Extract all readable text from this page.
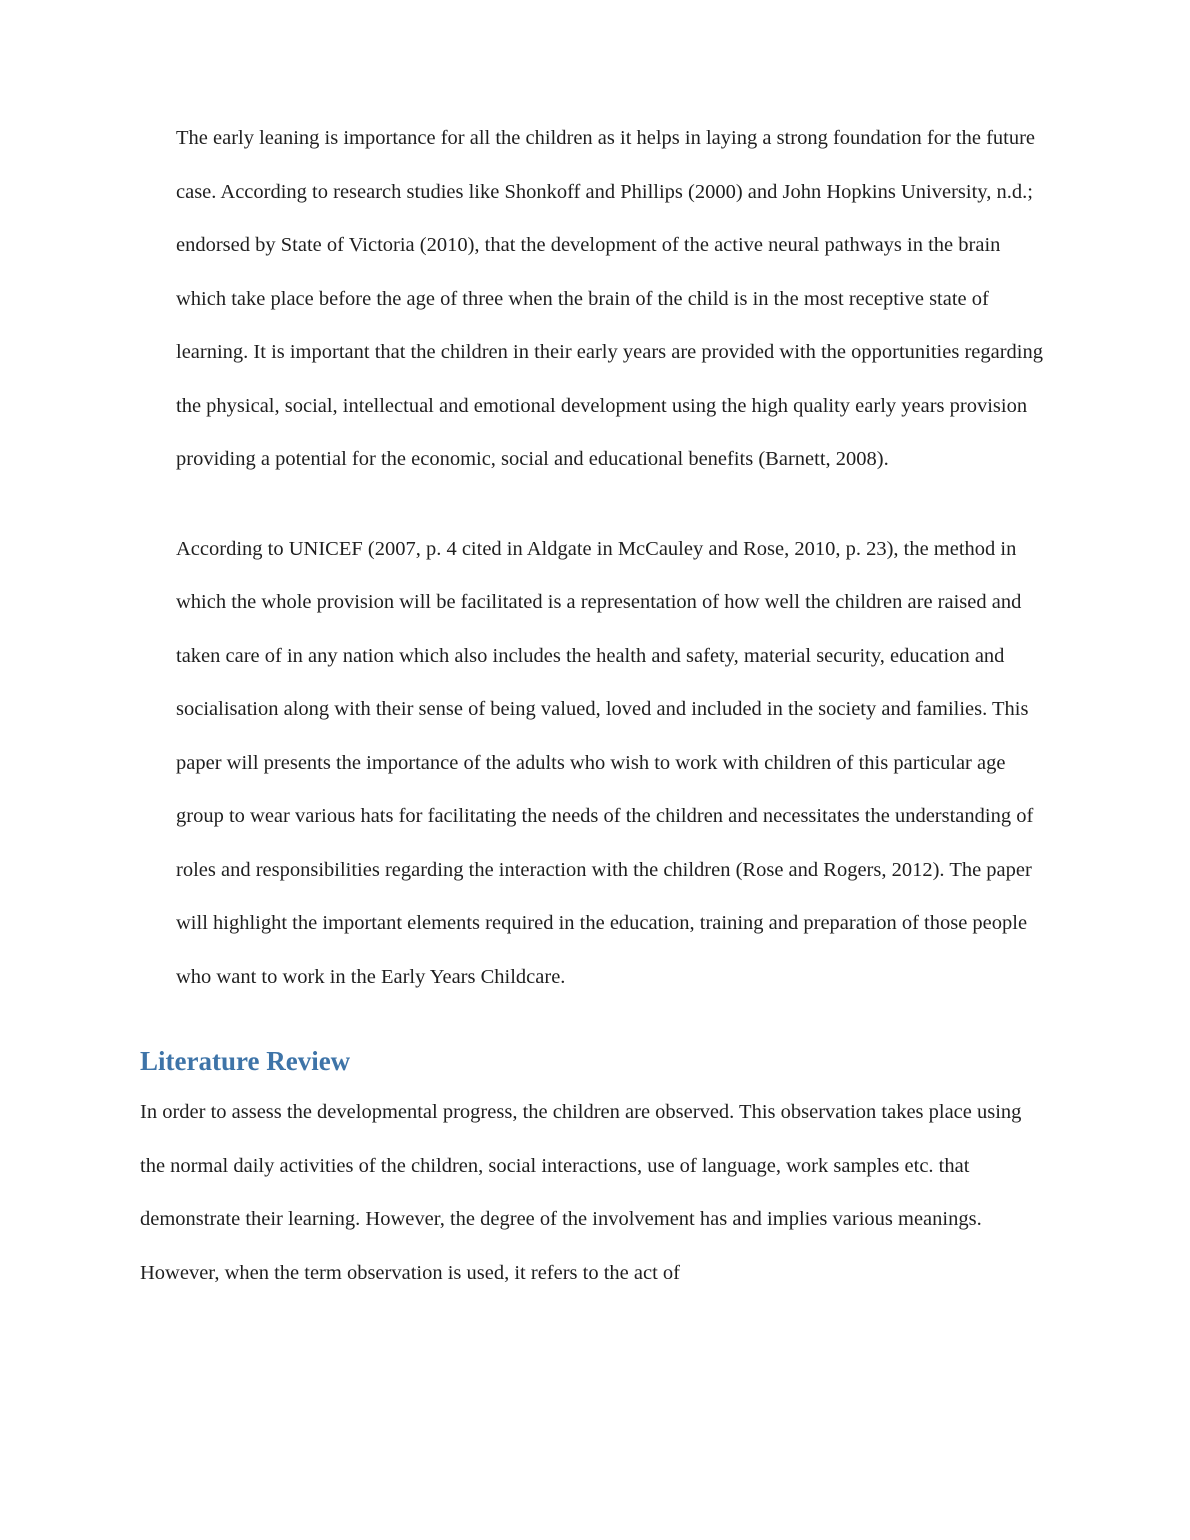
The early leaning is importance for all the children as it helps in laying a strong foundation for the future case. According to research studies like Shonkoff and Phillips (2000) and John Hopkins University, n.d.; endorsed by State of Victoria (2010), that the development of the active neural pathways in the brain which take place before the age of three when the brain of the child is in the most receptive state of learning. It is important that the children in their early years are provided with the opportunities regarding the physical, social, intellectual and emotional development using the high quality early years provision providing a potential for the economic, social and educational benefits (Barnett, 2008).

According to UNICEF (2007, p. 4 cited in Aldgate in McCauley and Rose, 2010, p. 23), the method in which the whole provision will be facilitated is a representation of how well the children are raised and taken care of in any nation which also includes the health and safety, material security, education and socialisation along with their sense of being valued, loved and included in the society and families. This paper will presents the importance of the adults who wish to work with children of this particular age group to wear various hats for facilitating the needs of the children and necessitates the understanding of roles and responsibilities regarding the interaction with the children (Rose and Rogers, 2012). The paper will highlight the important elements required in the education, training and preparation of those people who want to work in the Early Years Childcare.

Literature Review

In order to assess the developmental progress, the children are observed. This observation takes place using the normal daily activities of the children, social interactions, use of language, work samples etc. that demonstrate their learning. However, the degree of the involvement has and implies various meanings. However, when the term observation is used, it refers to the act of
